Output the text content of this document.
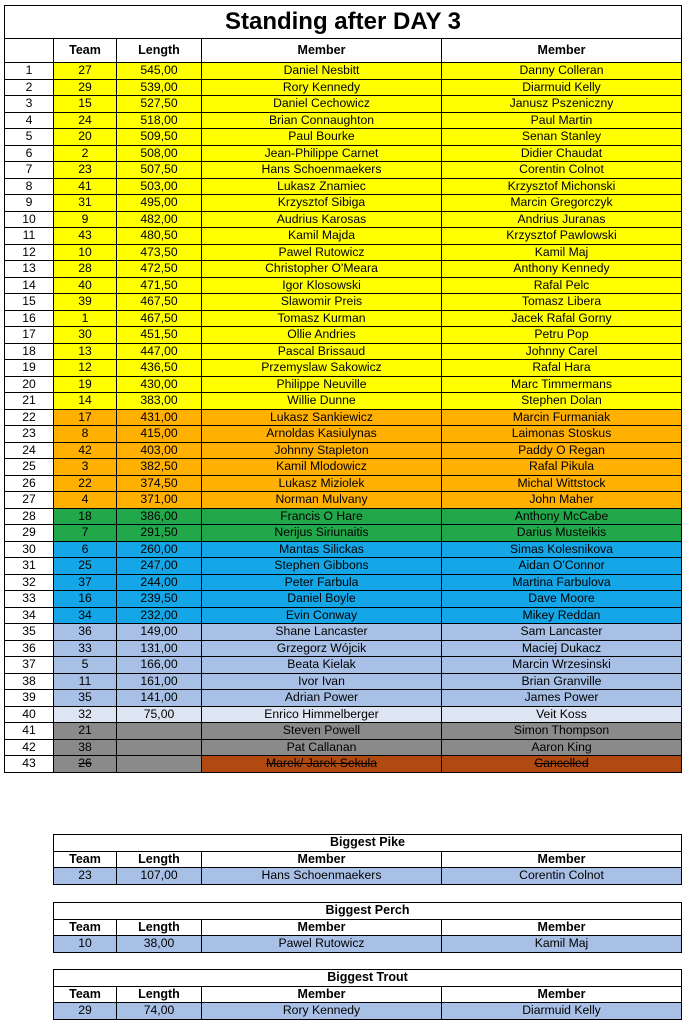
Standing after DAY 3				
	Team	Length	Member	Member
1	27	545,00	Daniel Nesbitt	Danny Colleran
2	29	539,00	Rory Kennedy	Diarmuid Kelly
3	15	527,50	Daniel Cechowicz	Janusz Pszeniczny
4	24	518,00	Brian Connaughton	Paul Martin
5	20	509,50	Paul Bourke	Senan Stanley
6	2	508,00	Jean-Philippe Carnet	Didier Chaudat
7	23	507,50	Hans Schoenmaekers	Corentin Colnot
8	41	503,00	Lukasz Znamiec	Krzysztof Michonski
9	31	495,00	Krzysztof Sibiga	Marcin Gregorczyk
10	9	482,00	Audrius Karosas	Andrius Juranas
11	43	480,50	Kamil Majda	Krzysztof Pawlowski
12	10	473,50	Pawel Rutowicz	Kamil Maj
13	28	472,50	Christopher O'Meara	Anthony Kennedy
14	40	471,50	Igor Klosowski	Rafal Pelc
15	39	467,50	Slawomir Preis	Tomasz Libera
16	1	467,50	Tomasz Kurman	Jacek Rafal Gorny
17	30	451,50	Ollie Andries	Petru Pop
18	13	447,00	Pascal Brissaud	Johnny Carel
19	12	436,50	Przemyslaw Sakowicz	Rafal Hara
20	19	430,00	Philippe Neuville	Marc Timmermans
21	14	383,00	Willie Dunne	Stephen Dolan
22	17	431,00	Lukasz Sankiewicz	Marcin Furmaniak
23	8	415,00	Arnoldas Kasiulynas	Laimonas Stoskus
24	42	403,00	Johnny Stapleton	Paddy O Regan
25	3	382,50	Kamil Mlodowicz	Rafal Pikula
26	22	374,50	Lukasz Miziolek	Michal Wittstock
27	4	371,00	Norman Mulvany	John Maher
28	18	386,00	Francis O Hare	Anthony McCabe
29	7	291,50	Nerijus Siriunaitis	Darius Musteikis
30	6	260,00	Mantas Silickas	Simas Kolesnikova
31	25	247,00	Stephen Gibbons	Aidan O'Connor
32	37	244,00	Peter Farbula	Martina Farbulova
33	16	239,50	Daniel Boyle	Dave Moore
34	34	232,00	Evin Conway	Mikey Reddan
35	36	149,00	Shane Lancaster	Sam Lancaster
36	33	131,00	Grzegorz Wójcik	Maciej Dukacz
37	5	166,00	Beata Kielak	Marcin Wrzesinski
38	11	161,00	Ivor Ivan	Brian Granville
39	35	141,00	Adrian Power	James Power
40	32	75,00	Enrico Himmelberger	Veit Koss
41	21		Steven Powell	Simon Thompson
42	38		Pat Callanan	Aaron King
43	26		Marek/ Jarek Sekula	Cancelled
Biggest Pike			
Team	Length	Member	Member
23	107,00	Hans Schoenmaekers	Corentin Colnot
Biggest Perch			
Team	Length	Member	Member
10	38,00	Pawel Rutowicz	Kamil Maj
Biggest Trout			
Team	Length	Member	Member
29	74,00	Rory Kennedy	Diarmuid Kelly
